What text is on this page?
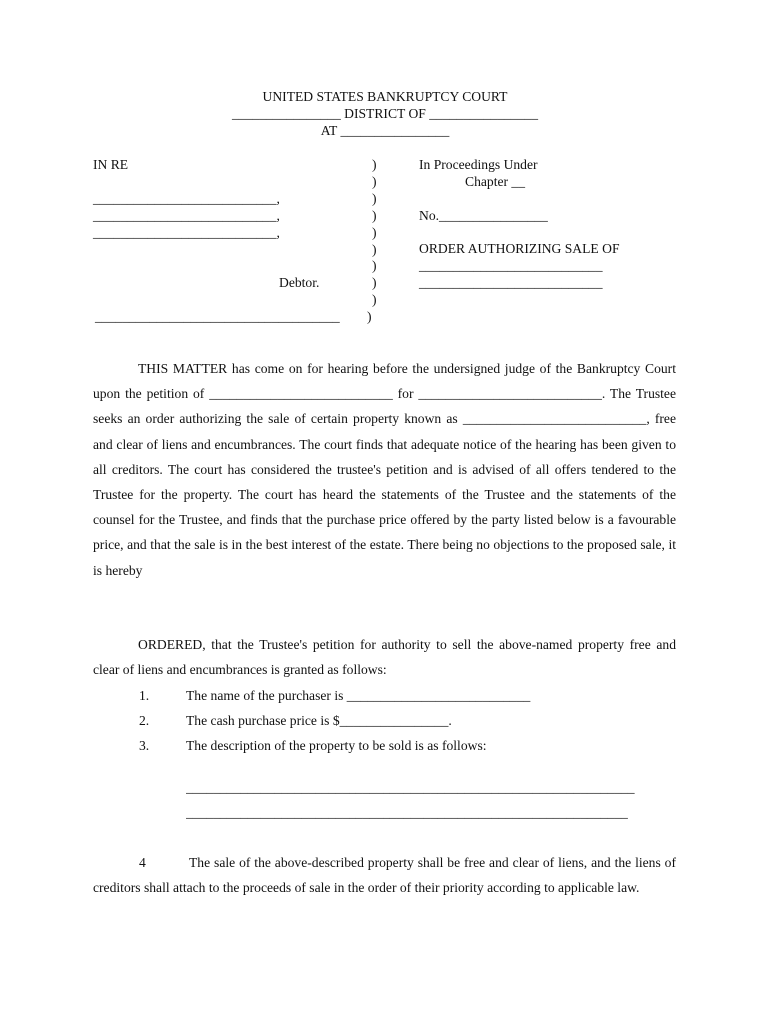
UNITED STATES BANKRUPTCY COURT
________________ DISTRICT OF ________________
AT ________________
IN RE
___________________________,
___________________________,
___________________________,
Debtor.
____________________________________
)
)
)
)
)
)
)
)
)
)
In Proceedings Under
Chapter __
No.________________
ORDER AUTHORIZING SALE OF
___________________________
___________________________

THIS MATTER has come on for hearing before the undersigned judge of the Bankruptcy Court upon the petition of ___________________________ for ___________________________. The Trustee seeks an order authorizing the sale of certain property known as ___________________________, free and clear of liens and encumbrances. The court finds that adequate notice of the hearing has been given to all creditors. The court has considered the trustee's petition and is advised of all offers tendered to the Trustee for the property. The court has heard the statements of the Trustee and the statements of the counsel for the Trustee, and finds that the purchase price offered by the party listed below is a favourable price, and that the sale is in the best interest of the estate. There being no objections to the proposed sale, it is hereby

ORDERED, that the Trustee's petition for authority to sell the above-named property free and clear of liens and encumbrances is granted as follows:

1.	The name of the purchaser is ___________________________
2.	The cash purchase price is $________________.
3.	The description of the property to be sold is as follows:
__________________________________________________________________
_________________________________________________________________

4	The sale of the above-described property shall be free and clear of liens, and the liens of creditors shall attach to the proceeds of sale in the order of their priority according to applicable law.
